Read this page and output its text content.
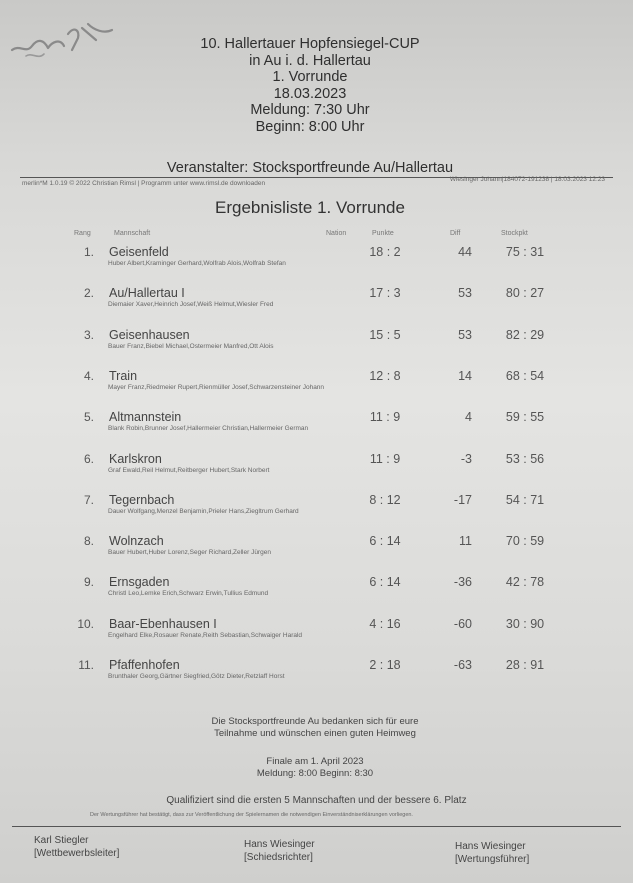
10. Hallertauer Hopfensiegel-CUP
in Au i. d. Hallertau
1. Vorrunde
18.03.2023
Meldung: 7:30 Uhr
Beginn: 8:00 Uhr
Veranstalter: Stocksportfreunde Au/Hallertau
merlin*M 1.0.19 © 2022 Christian Rimsl | Programm unter www.rimsl.de downloaden
Wiesinger Johann|184072-191238 | 18.03.2023 12:23
Ergebnisliste 1. Vorrunde
Rang	Mannschaft	Nation	Punkte	Diff	Stockpkt
1. Geisenfeld
Huber Albert,Kraminger Gerhard,Wolfrab Alois,Wolfrab Stefan
18 : 2	44	75 : 31
2. Au/Hallertau I
Diemaier Xaver,Heinrich Josef,Weiß Helmut,Wiesler Fred
17 : 3	53	80 : 27
3. Geisenhausen
Bauer Franz,Biebel Michael,Ostermeier Manfred,Ott Alois
15 : 5	53	82 : 29
4. Train
Mayer Franz,Riedmeier Rupert,Rienmüller Josef,Schwarzensteiner Johann
12 : 8	14	68 : 54
5. Altmannstein
Blank Robin,Brunner Josef,Hallermeier Christian,Hallermeier German
11 : 9	4	59 : 55
6. Karlskron
Graf Ewald,Reil Helmut,Reitberger Hubert,Stark Norbert
11 : 9	-3	53 : 56
7. Tegernbach
Dauer Wolfgang,Menzel Benjamin,Prieler Hans,Ziegltrum Gerhard
8 : 12	-17	54 : 71
8. Wolnzach
Bauer Hubert,Huber Lorenz,Seger Richard,Zeller Jürgen
6 : 14	11	70 : 59
9. Ernsgaden
Christl Leo,Lemke Erich,Schwarz Erwin,Tullius Edmund
6 : 14	-36	42 : 78
10. Baar-Ebenhausen I
Engelhard Elke,Rosauer Renate,Reith Sebastian,Schwaiger Harald
4 : 16	-60	30 : 90
11. Pfaffenhofen
Brunthaler Georg,Gärtner Siegfried,Götz Dieter,Retzlaff Horst
2 : 18	-63	28 : 91
Die Stocksportfreunde Au bedanken sich für eure
Teilnahme und wünschen einen guten Heimweg
Finale am 1. April 2023
Meldung: 8:00 Beginn: 8:30
Qualifiziert sind die ersten 5 Mannschaften und der bessere 6. Platz
Der Wertungsführer hat bestätigt, dass zur Veröffentlichung der Spielernamen die notwendigen Einverständniserklärungen vorliegen.
Karl Stiegler
[Wettbewerbsleiter]
Hans Wiesinger
[Schiedsrichter]
Hans Wiesinger
[Wertungsführer]
